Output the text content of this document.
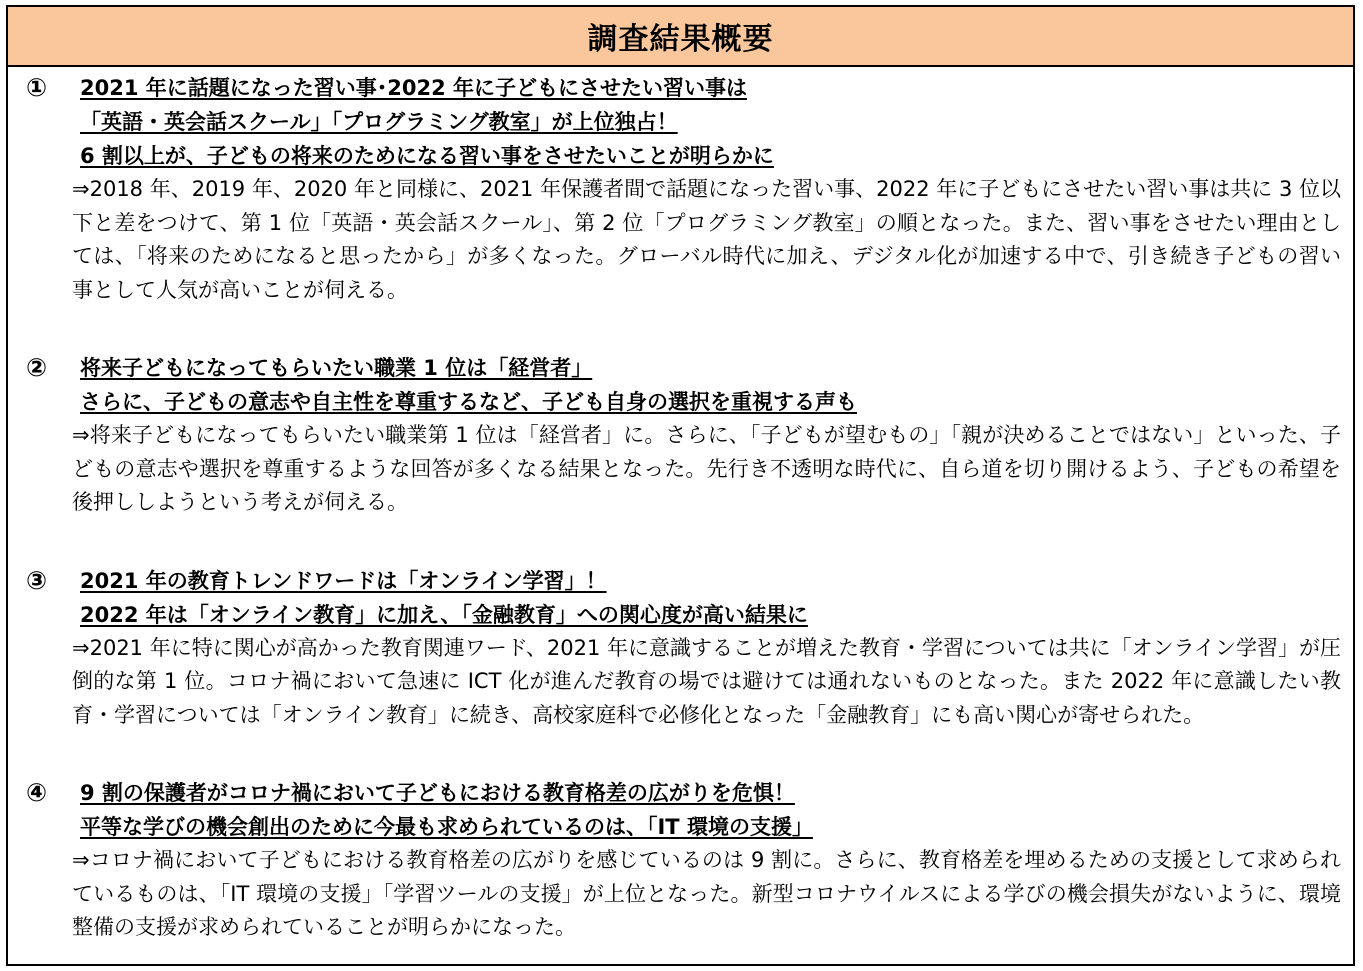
調査結果概要
① 2021 年に話題になった習い事･2022 年に子どもにさせたい習い事は
「英語・英会話スクール」「プログラミング教室」が上位独占！
6 割以上が、子どもの将来のためになる習い事をさせたいことが明らかに

⇒2018 年、2019 年、2020 年と同様に、2021 年保護者間で話題になった習い事、2022 年に子どもにさせたい習い事は共に 3 位以下と差をつけて、第 1 位「英語・英会話スクール」、第 2 位「プログラミング教室」の順となった。また、習い事をさせたい理由としては、「将来のためになると思ったから」が多くなった。グローバル時代に加え、デジタル化が加速する中で、引き続き子どもの習い事として人気が高いことが伺える。

② 将来子どもになってもらいたい職業 1 位は「経営者」
さらに、子どもの意志や自主性を尊重するなど、子ども自身の選択を重視する声も

⇒将来子どもになってもらいたい職業第 1 位は「経営者」に。さらに、「子どもが望むもの」「親が決めることではない」といった、子どもの意志や選択を尊重するような回答が多くなる結果となった。先行き不透明な時代に、自ら道を切り開けるよう、子どもの希望を後押ししようという考えが伺える。

③ 2021 年の教育トレンドワードは「オンライン学習」！
2022 年は「オンライン教育」に加え、「金融教育」への関心度が高い結果に

⇒2021 年に特に関心が高かった教育関連ワード、2021 年に意識することが増えた教育・学習については共に「オンライン学習」が圧倒的な第 1 位。コロナ禍において急速に ICT 化が進んだ教育の場では避けては通れないものとなった。また 2022 年に意識したい教育・学習については「オンライン教育」に続き、高校家庭科で必修化となった「金融教育」にも高い関心が寄せられた。

④ 9 割の保護者がコロナ禍において子どもにおける教育格差の広がりを危惧！
平等な学びの機会創出のために今最も求められているのは、「IT 環境の支援」

⇒コロナ禍において子どもにおける教育格差の広がりを感じているのは 9 割に。さらに、教育格差を埋めるための支援として求められているものは、「IT 環境の支援」「学習ツールの支援」が上位となった。新型コロナウイルスによる学びの機会損失がないように、環境整備の支援が求められていることが明らかになった。
